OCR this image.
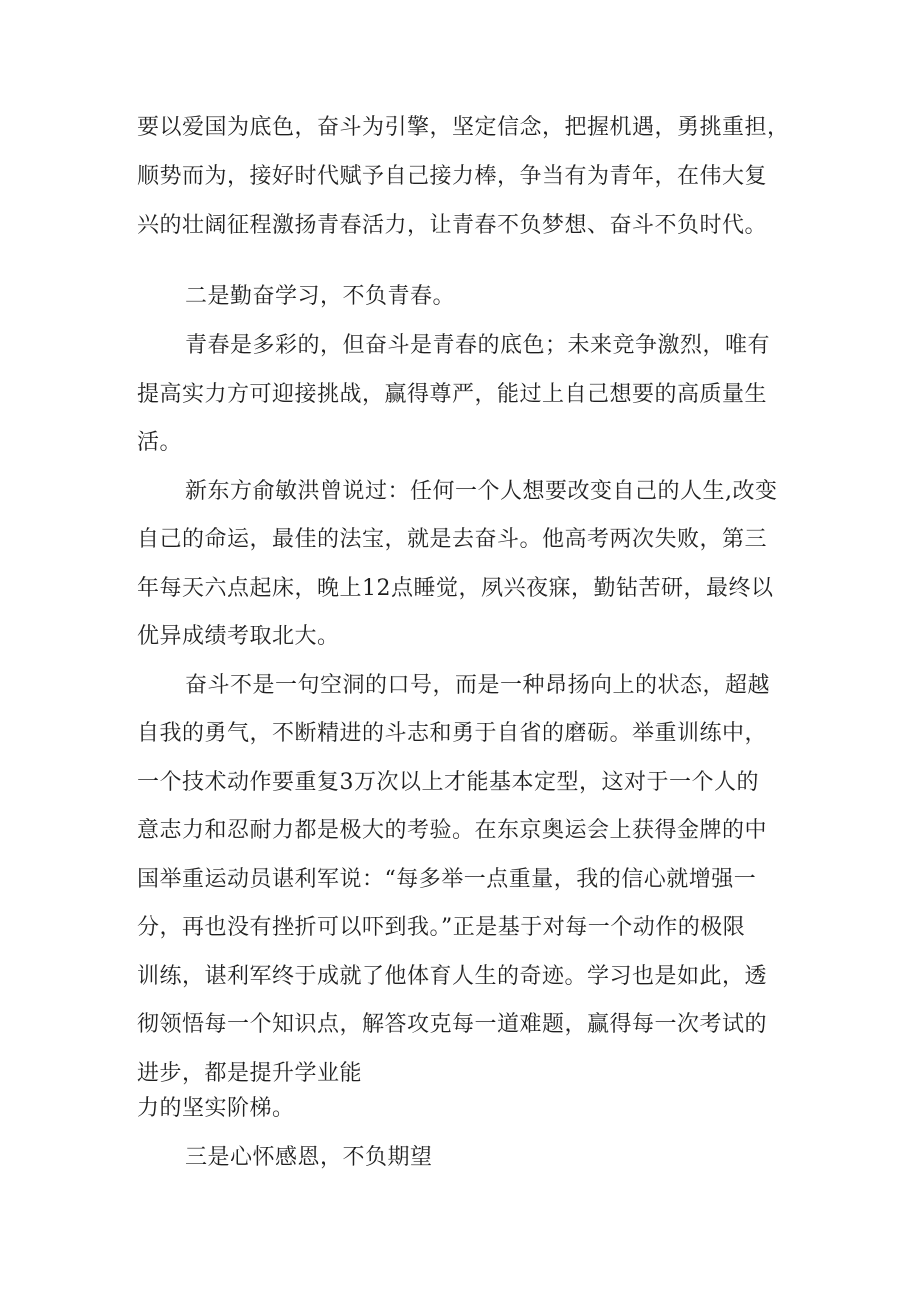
要以爱国为底色，奋斗为引擎，坚定信念，把握机遇，勇挑重担，
顺势而为，接好时代赋予自己接力棒，争当有为青年，在伟大复
兴的壮阔征程激扬青春活力，让青春不负梦想、奋斗不负时代。
二是勤奋学习，不负青春。
青春是多彩的，但奋斗是青春的底色；未来竞争激烈，唯有
提高实力方可迎接挑战，赢得尊严，能过上自己想要的高质量生
活。
新东方俞敏洪曾说过：任何一个人想要改变自己的人生,改变
自己的命运，最佳的法宝，就是去奋斗。他高考两次失败，第三
年每天六点起床，晚上12点睡觉，夙兴夜寐，勤钻苦研，最终以
优异成绩考取北大。
奋斗不是一句空洞的口号，而是一种昂扬向上的状态，超越
自我的勇气，不断精进的斗志和勇于自省的磨砺。举重训练中，
一个技术动作要重复3万次以上才能基本定型，这对于一个人的
意志力和忍耐力都是极大的考验。在东京奥运会上获得金牌的中
国举重运动员谌利军说：“每多举一点重量，我的信心就增强一
分，再也没有挫折可以吓到我。”正是基于对每一个动作的极限
训练，谌利军终于成就了他体育人生的奇迹。学习也是如此，透
彻领悟每一个知识点，解答攻克每一道难题，赢得每一次考试的
进步，都是提升学业能
力的坚实阶梯。
三是心怀感恩，不负期望
